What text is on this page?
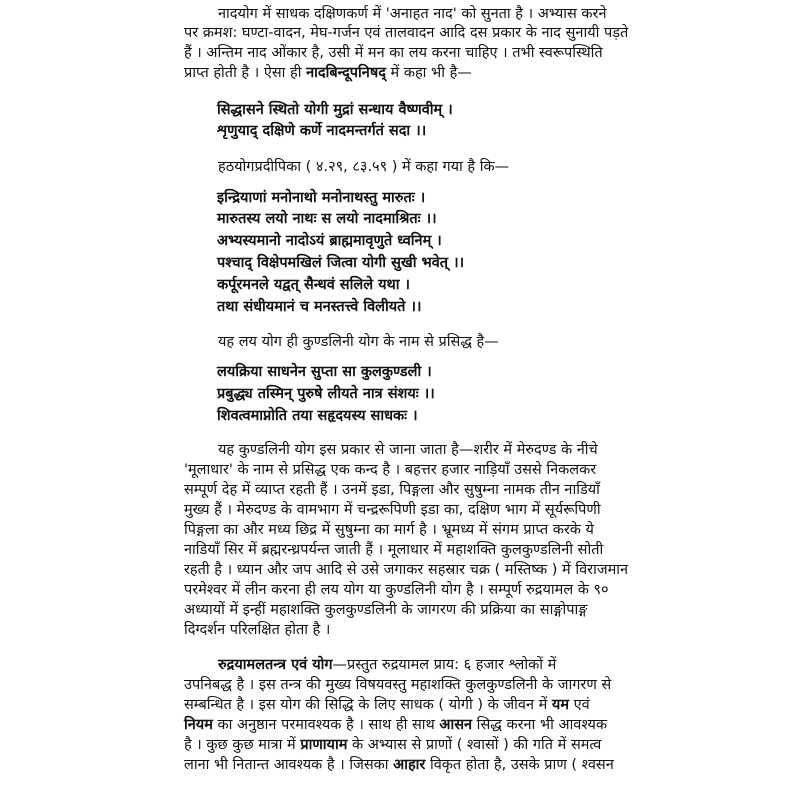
नादयोग में साधक दक्षिणकर्ण में 'अनाहत नाद' को सुनता है । अभ्यास करने
पर क्रमश: घण्टा-वादन, मेघ-गर्जन एवं तालवादन आदि दस प्रकार के नाद सुनायी पड़ते
हैं । अन्तिम नाद ओंकार है, उसी में मन का लय करना चाहिए । तभी स्वरूपस्थिति
प्राप्त होती है । ऐसा ही नादबिन्दूपनिषद् में कहा भी है—
सिद्धासने स्थितो योगी मुद्रां सन्धाय वैष्णवीम् ।
शृणुयाद् दक्षिणे कर्णे नादमन्तर्गतं सदा ।।
हठयोगप्रदीपिका ( ४.२९, ८३.५९ ) में कहा गया है कि—
इन्द्रियाणां मनोनाथो मनोनाथस्तु मारुतः ।
मारुतस्य लयो नाथः स लयो नादमाश्रितः ।।
अभ्यस्यमानो नादोऽयं ब्राह्ममावृणुते ध्वनिम् ।
पश्चाद् विक्षेपमखिलं जित्वा योगी सुखी भवेत् ।।
कर्पूरमनले यद्वत् सैन्धवं सलिले यथा ।
तथा संधीयमानं च मनस्तत्त्वे विलीयते ।।
यह लय योग ही कुण्डलिनी योग के नाम से प्रसिद्ध है—
लयक्रिया साधनेन सुप्ता सा कुलकुण्डली ।
प्रबुद्ध्य तस्मिन् पुरुषे लीयते नात्र संशयः ।।
शिवत्वमाप्नोति तया सहृदयस्य साधकः ।
यह कुण्डलिनी योग इस प्रकार से जाना जाता है—शरीर में मेरुदण्ड के नीचे
'मूलाधार' के नाम से प्रसिद्ध एक कन्द है । बहत्तर हजार नाड़ियाँ उससे निकलकर
सम्पूर्ण देह में व्याप्त रहती हैं । उनमें इडा, पिङ्गला और सुषुम्ना नामक तीन नाडियाँ
मुख्य हैं । मेरुदण्ड के वामभाग में चन्द्ररूपिणी इडा का, दक्षिण भाग में सूर्यरूपिणी
पिङ्गला का और मध्य छिद्र में सुषुम्ना का मार्ग है । भ्रूमध्य में संगम प्राप्त करके ये
नाडियाँ सिर में ब्रह्मरन्ध्रपर्यन्त जाती हैं । मूलाधार में महाशक्ति कुलकुण्डलिनी सोती
रहती है । ध्यान और जप आदि से उसे जगाकर सहस्रार चक्र ( मस्तिष्क ) में विराजमान
परमेश्वर में लीन करना ही लय योग या कुण्डलिनी योग है । सम्पूर्ण रुद्रयामल के ९०
अध्यायों में इन्हीं महाशक्ति कुलकुण्डलिनी के जागरण की प्रक्रिया का साङ्गोपाङ्ग
दिग्दर्शन परिलक्षित होता है ।
रुद्रयामलतन्त्र एवं योग—प्रस्तुत रुद्रयामल प्राय: ६ हजार श्लोकों में
उपनिबद्ध है । इस तन्त्र की मुख्य विषयवस्तु महाशक्ति कुलकुण्डलिनी के जागरण से
सम्बन्धित है । इस योग की सिद्धि के लिए साधक ( योगी ) के जीवन में यम एवं
नियम का अनुष्ठान परमावश्यक है । साथ ही साथ आसन सिद्ध करना भी आवश्यक
है । कुछ कुछ मात्रा में प्राणायाम के अभ्यास से प्राणों ( श्वासों ) की गति में समत्व
लाना भी नितान्त आवश्यक है । जिसका आहार विकृत होता है, उसके प्राण ( श्वसन
